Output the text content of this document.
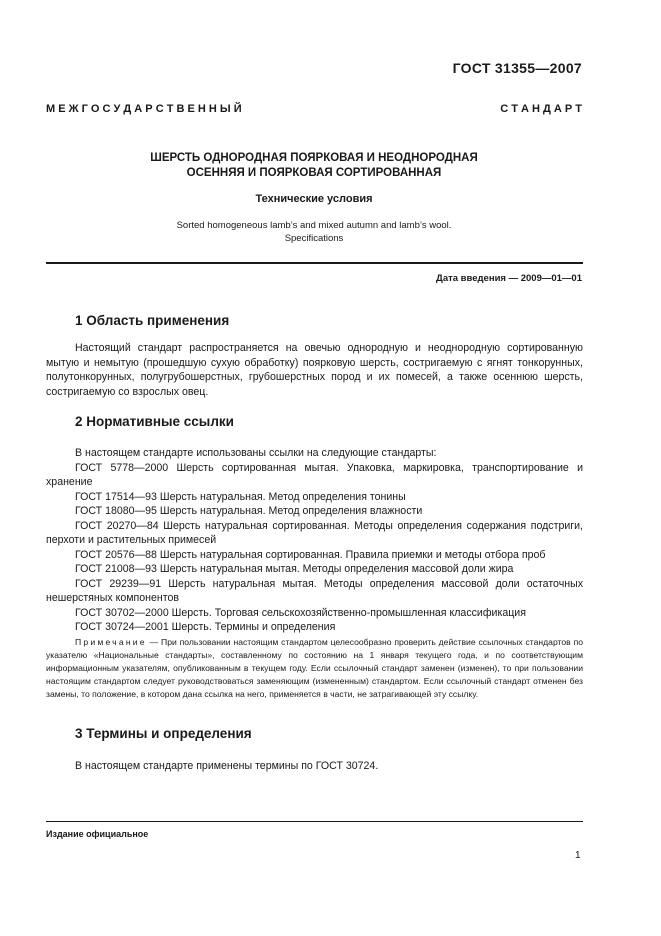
ГОСТ 31355—2007
М Е Ж Г О С У Д А Р С Т В Е Н Н Ы Й	С Т А Н Д А Р Т
ШЕРСТЬ ОДНОРОДНАЯ ПОЯРКОВАЯ И НЕОДНОРОДНАЯ
ОСЕННЯЯ И ПОЯРКОВАЯ СОРТИРОВАННАЯ
Технические условия
Sorted homogeneous lamb’s and mixed autumn and lamb’s wool.
Specifications
Дата введения — 2009—01—01
1 Область применения
Настоящий стандарт распространяется на овечью однородную и неоднородную сортированную мытую и немытую (прошедшую сухую обработку) поярковую шерсть, состригаемую с ягнят тонкорунных, полутонкорунных, полугрубошерстных, грубошерстных пород и их помесей, а также осеннюю шерсть, состригаемую со взрослых овец.
2 Нормативные ссылки
В настоящем стандарте использованы ссылки на следующие стандарты:
ГОСТ 5778—2000 Шерсть сортированная мытая. Упаковка, маркировка, транспортирование и хранение
ГОСТ 17514—93 Шерсть натуральная. Метод определения тонины
ГОСТ 18080—95 Шерсть натуральная. Метод определения влажности
ГОСТ 20270—84 Шерсть натуральная сортированная. Методы определения содержания подстриги, перхоти и растительных примесей
ГОСТ 20576—88 Шерсть натуральная сортированная. Правила приемки и методы отбора проб
ГОСТ 21008—93 Шерсть натуральная мытая. Методы определения массовой доли жира
ГОСТ 29239—91 Шерсть натуральная мытая. Методы определения массовой доли остаточных нешерстяных компонентов
ГОСТ 30702—2000 Шерсть. Торговая сельскохозяйственно-промышленная классификация
ГОСТ 30724—2001 Шерсть. Термины и определения
Примечание — При пользовании настоящим стандартом целесообразно проверить действие ссылочных стандартов по указателю «Национальные стандарты», составленному по состоянию на 1 января текущего года, и по соответствующим информационным указателям, опубликованным в текущем году. Если ссылочный стандарт заменен (изменен), то при пользовании настоящим стандартом следует руководствоваться заменяющим (измененным) стандартом. Если ссылочный стандарт отменен без замены, то положение, в котором дана ссылка на него, применяется в части, не затрагивающей эту ссылку.
3 Термины и определения
В настоящем стандарте применены термины по ГОСТ 30724.
Издание официальное
1
